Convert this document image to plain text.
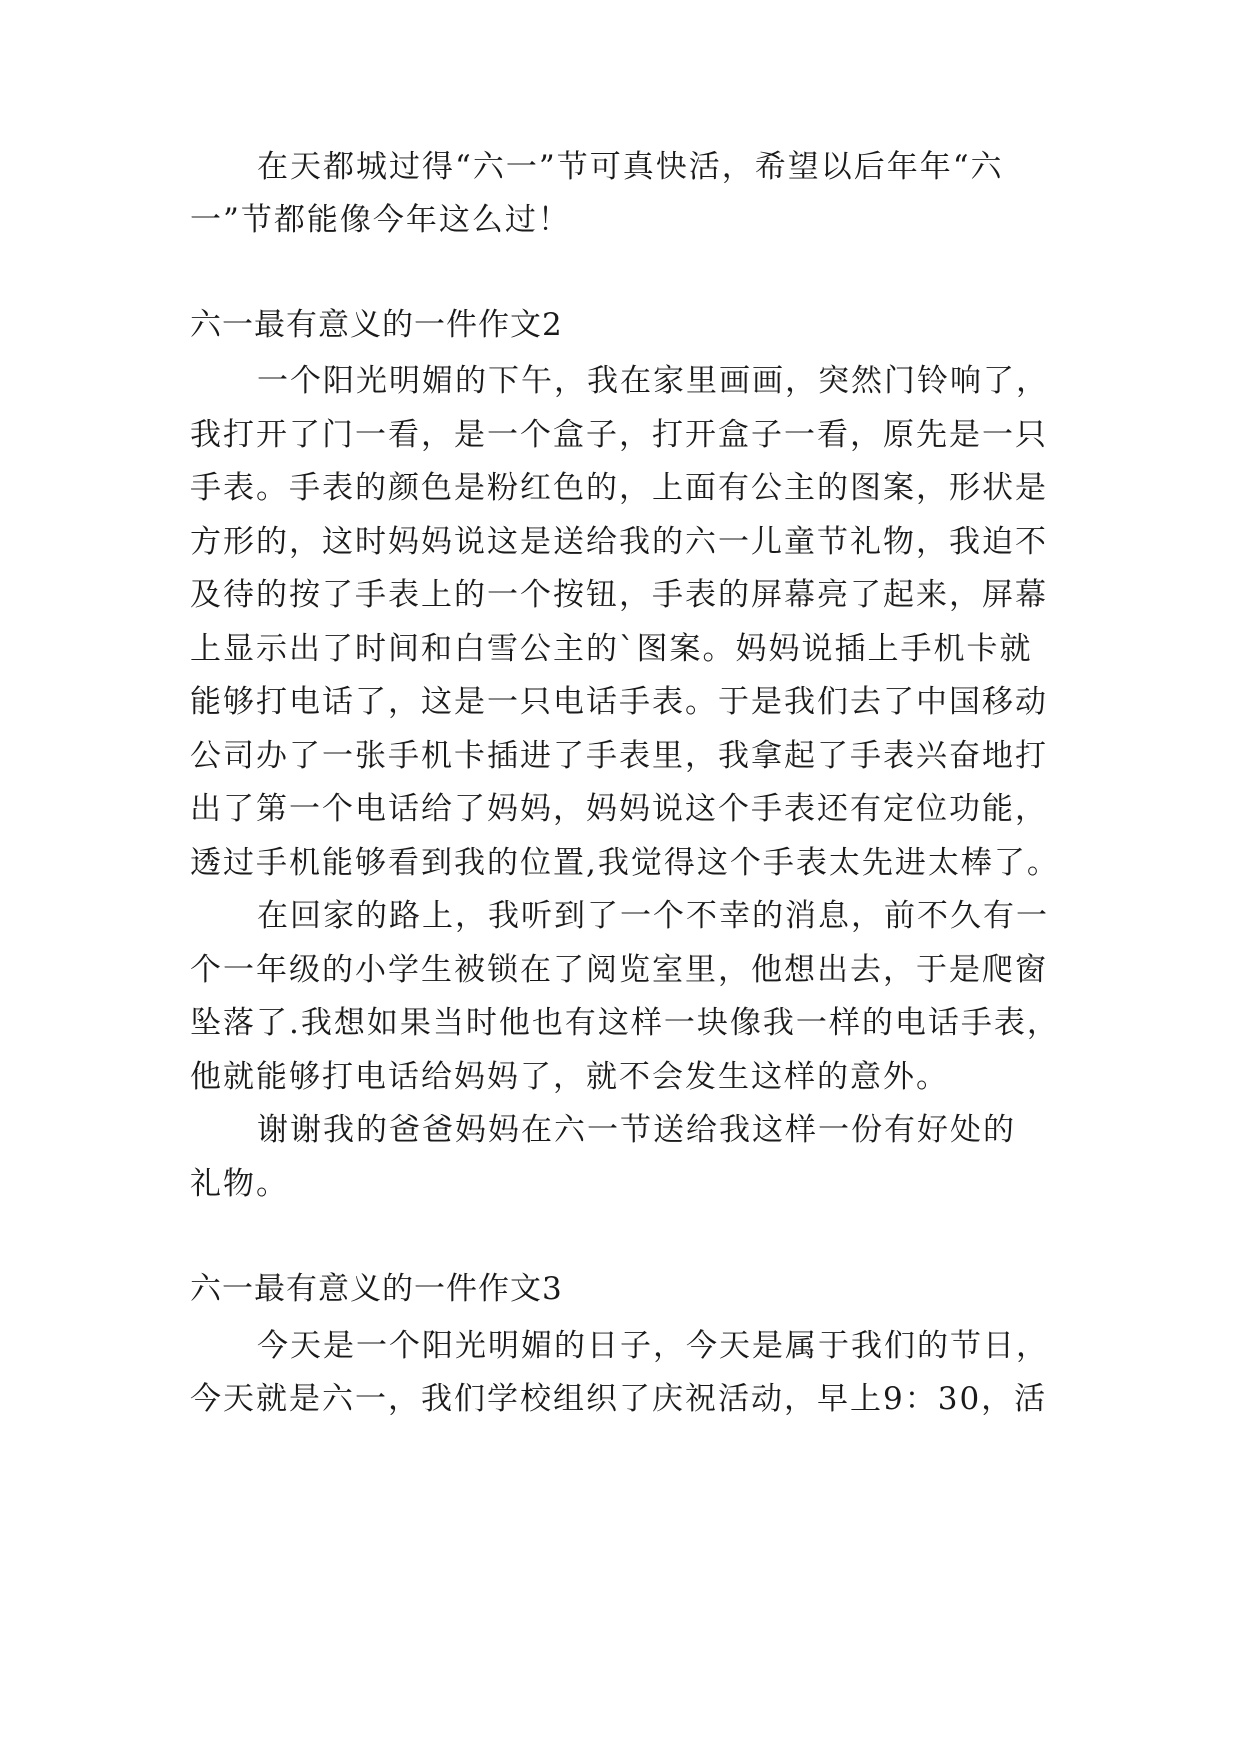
在天都城过得“六一”节可真快活，希望以后年年“六
一”节都能像今年这么过！
六一最有意义的一件作文2
一个阳光明媚的下午，我在家里画画，突然门铃响了，
我打开了门一看，是一个盒子，打开盒子一看，原先是一只
手表。手表的颜色是粉红色的，上面有公主的图案，形状是
方形的，这时妈妈说这是送给我的六一儿童节礼物，我迫不
及待的按了手表上的一个按钮，手表的屏幕亮了起来，屏幕
上显示出了时间和白雪公主的`图案。妈妈说插上手机卡就
能够打电话了，这是一只电话手表。于是我们去了中国移动
公司办了一张手机卡插进了手表里，我拿起了手表兴奋地打
出了第一个电话给了妈妈，妈妈说这个手表还有定位功能，
透过手机能够看到我的位置,我觉得这个手表太先进太棒了。
在回家的路上，我听到了一个不幸的消息，前不久有一
个一年级的小学生被锁在了阅览室里，他想出去，于是爬窗
坠落了.我想如果当时他也有这样一块像我一样的电话手表，
他就能够打电话给妈妈了，就不会发生这样的意外。
谢谢我的爸爸妈妈在六一节送给我这样一份有好处的
礼物。
六一最有意义的一件作文3
今天是一个阳光明媚的日子，今天是属于我们的节日，
今天就是六一，我们学校组织了庆祝活动，早上9：30，活
